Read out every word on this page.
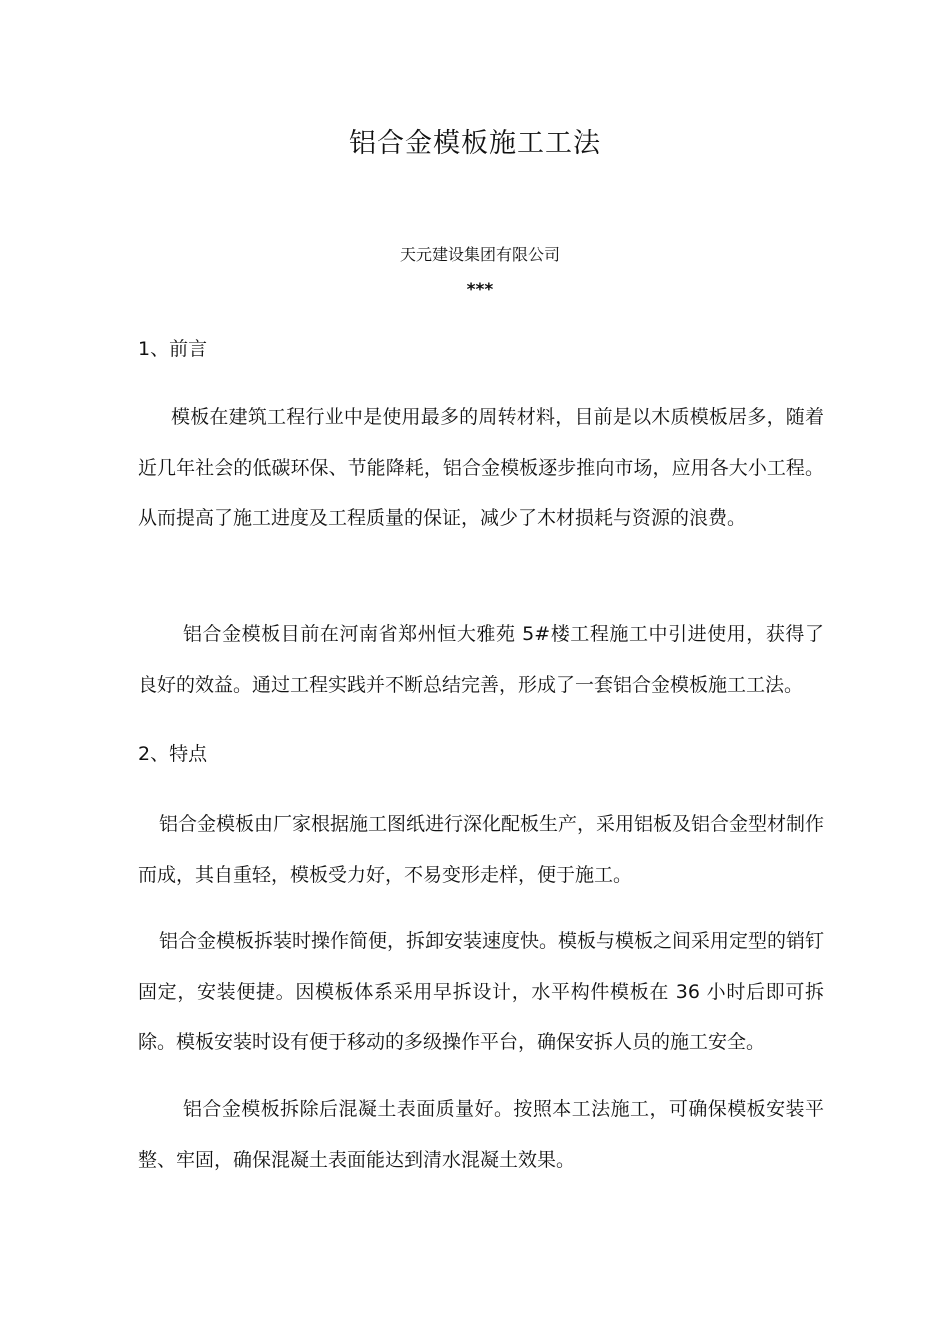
铝合金模板施工工法
天元建设集团有限公司
***
1、前言
模板在建筑工程行业中是使用最多的周转材料，目前是以木质模板居多，随着近几年社会的低碳环保、节能降耗，铝合金模板逐步推向市场，应用各大小工程。从而提高了施工进度及工程质量的保证，减少了木材损耗与资源的浪费。
铝合金模板目前在河南省郑州恒大雅苑 5#楼工程施工中引进使用，获得了良好的效益。通过工程实践并不断总结完善，形成了一套铝合金模板施工工法。
2、特点
铝合金模板由厂家根据施工图纸进行深化配板生产，采用铝板及铝合金型材制作而成，其自重轻，模板受力好，不易变形走样，便于施工。
铝合金模板拆装时操作简便，拆卸安装速度快。模板与模板之间采用定型的销钉固定，安装便捷。因模板体系采用早拆设计，水平构件模板在 36 小时后即可拆除。模板安装时设有便于移动的多级操作平台，确保安拆人员的施工安全。
铝合金模板拆除后混凝土表面质量好。按照本工法施工，可确保模板安装平整、牢固，确保混凝土表面能达到清水混凝土效果。
